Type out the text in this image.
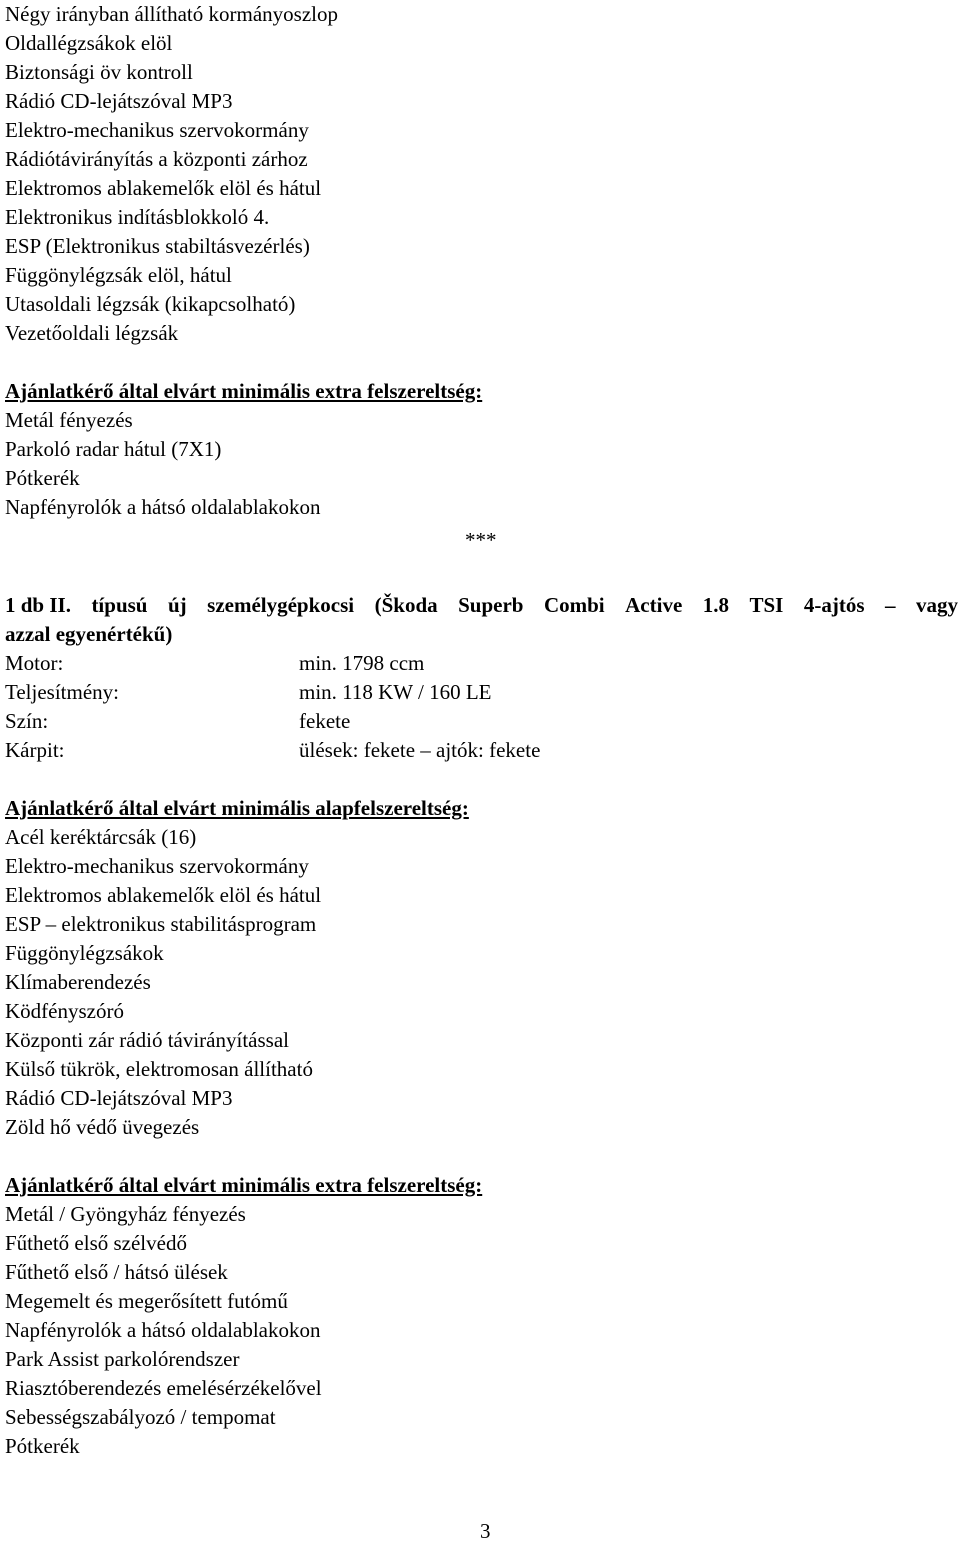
Négy irányban állítható kormányoszlop
Oldallégzsákok elöl
Biztonsági öv kontroll
Rádió CD-lejátszóval MP3
Elektro-mechanikus szervokormány
Rádiótávirányítás a központi zárhoz
Elektromos ablakemelők elöl és hátul
Elektronikus indításblokkoló 4.
ESP (Elektronikus stabiltásvezérlés)
Függönylégzsák elöl, hátul
Utasoldali légzsák (kikapcsolható)
Vezetőoldali légzsák
Ajánlatkérő által elvárt minimális extra felszereltség:
Metál fényezés
Parkoló radar hátul (7X1)
Pótkerék
Napfényrolók a hátsó oldalablakokon
***
1 db II. típusú új személygépkocsi (Škoda Superb Combi Active 1.8 TSI 4-ajtós – vagy
azzal egyenértékű)
Motor:	min. 1798 ccm
Teljesítmény:	min. 118 KW / 160 LE
Szín:	fekete
Kárpit:	ülések: fekete – ajtók: fekete
Ajánlatkérő által elvárt minimális alapfelszereltség:
Acél keréktárcsák (16)
Elektro-mechanikus szervokormány
Elektromos ablakemelők elöl és hátul
ESP – elektronikus stabilitásprogram
Függönylégzsákok
Klímaberendezés
Ködfényszóró
Központi zár rádió távirányítással
Külső tükrök, elektromosan állítható
Rádió CD-lejátszóval MP3
Zöld hő védő üvegezés
Ajánlatkérő által elvárt minimális extra felszereltség:
Metál / Gyöngyház fényezés
Fűthető első szélvédő
Fűthető első / hátsó ülések
Megemelt és megerősített futómű
Napfényrolók a hátsó oldalablakokon
Park Assist parkolórendszer
Riasztóberendezés emelésérzékelővel
Sebességszabályozó / tempomat
Pótkerék
3
